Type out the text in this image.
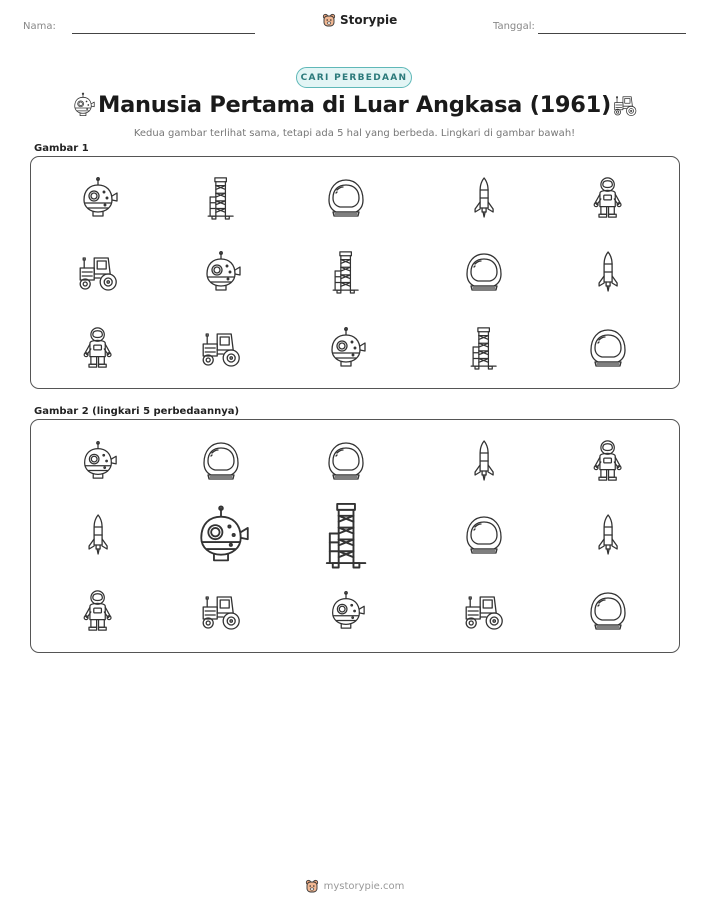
Nama:	Storypie	Tanggal:
CARI PERBEDAAN
Manusia Pertama di Luar Angkasa (1961)
Kedua gambar terlihat sama, tetapi ada 5 hal yang berbeda. Lingkari di gambar bawah!
Gambar 1
Gambar 2 (lingkari 5 perbedaannya)
mystorypie.com
